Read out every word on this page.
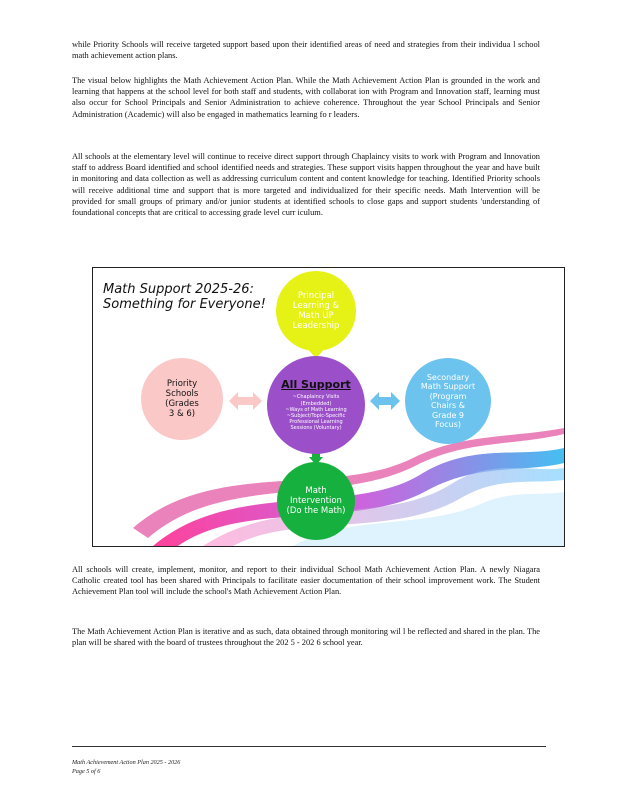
while Priority Schools will receive targeted support based upon their identified areas of need and strategies from their individua l school math achievement action plans.
The visual below highlights the Math Achievement Action Plan. While the Math Achievement Action Plan is grounded in the work and learning that happens at the school level for both staff and students, with collaborat ion with Program and Innovation staff, learning must also occur for School Principals and Senior Administration to achieve coherence. Throughout the year School Principals and Senior Administration (Academic) will also be engaged in mathematics learning fo r leaders.
All schools at the elementary level will continue to receive direct support through Chaplaincy visits to work with Program and Innovation staff to address Board identified and school identified needs and strategies. These support visits happen throughout the year and have built in monitoring and data collection as well as addressing curriculum content and content knowledge for teaching. Identified Priority schools will receive additional time and support that is more targeted and individualized for their specific needs. Math Intervention will be provided for small groups of primary and/or junior students at identified schools to close gaps and support students 'understanding of foundational concepts that are critical to accessing grade level curr iculum.
Math Support 2025-26:
Something for Everyone!
Principal
Learning &
Math UP
Leadership
Priority
Schools
(Grades
3 & 6)
All Support
~Chaplaincy Visits
(Embedded)
~Ways of Math Learning
~Subject/Topic-Specific
Professional Learning
Sessions (Voluntary)
Secondary
Math Support
(Program
Chairs &
Grade 9
Focus)
Math
Intervention
(Do the Math)
All schools will create, implement, monitor, and report to their individual School Math Achievement Action Plan. A newly Niagara Catholic created tool has been shared with Principals to facilitate easier documentation of their school improvement work. The Student Achievement Plan tool will include the school's Math Achievement Action Plan.
The Math Achievement Action Plan is iterative and as such, data obtained through monitoring wil l be reflected and shared in the plan. The plan will be shared with the board of trustees throughout the 202 5 - 202 6 school year.
Math Achievement Action Plan 2025 - 2026
Page 5 of 6
